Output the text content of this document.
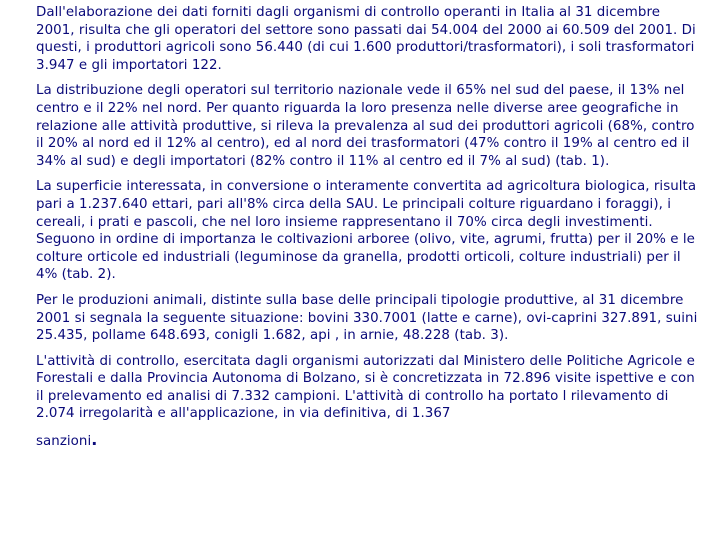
Dall'elaborazione dei dati forniti dagli organismi di controllo operanti in Italia al 31 dicembre 2001, risulta che gli operatori del settore sono passati dai 54.004 del 2000 ai 60.509 del 2001. Di questi, i produttori agricoli sono 56.440 (di cui 1.600 produttori/trasformatori), i soli trasformatori 3.947 e gli importatori 122.

La distribuzione degli operatori sul territorio nazionale vede il 65% nel sud del paese, il 13% nel centro e il 22% nel nord. Per quanto riguarda la loro presenza nelle diverse aree geografiche in relazione alle attività produttive, si rileva la prevalenza al sud dei produttori agricoli (68%, contro il 20% al nord ed il 12% al centro), ed al nord dei trasformatori (47% contro il 19% al centro ed il 34% al sud) e degli importatori (82% contro il 11% al centro ed il 7% al sud) (tab. 1).

La superficie interessata, in conversione o interamente convertita ad agricoltura biologica, risulta pari a 1.237.640 ettari, pari all'8% circa della SAU. Le principali colture riguardano i foraggi), i cereali, i prati e pascoli, che nel loro insieme rappresentano il 70% circa degli investimenti. Seguono in ordine di importanza le coltivazioni arboree (olivo, vite, agrumi, frutta) per il 20% e le colture orticole ed industriali (leguminose da granella, prodotti orticoli, colture industriali) per il 4% (tab. 2).

Per le produzioni animali, distinte sulla base delle principali tipologie produttive, al 31 dicembre 2001 si segnala la seguente situazione: bovini 330.7001 (latte e carne), ovi-caprini 327.891, suini 25.435, pollame 648.693, conigli 1.682, api , in arnie, 48.228 (tab. 3).

L'attività di controllo, esercitata dagli organismi autorizzati dal Ministero delle Politiche Agricole e Forestali e dalla Provincia Autonoma di Bolzano, si è concretizzata in 72.896 visite ispettive e con il prelevamento ed analisi di 7.332 campioni. L'attività di controllo ha portato l rilevamento di 2.074 irregolarità e all'applicazione, in via definitiva, di 1.367
sanzioni.
